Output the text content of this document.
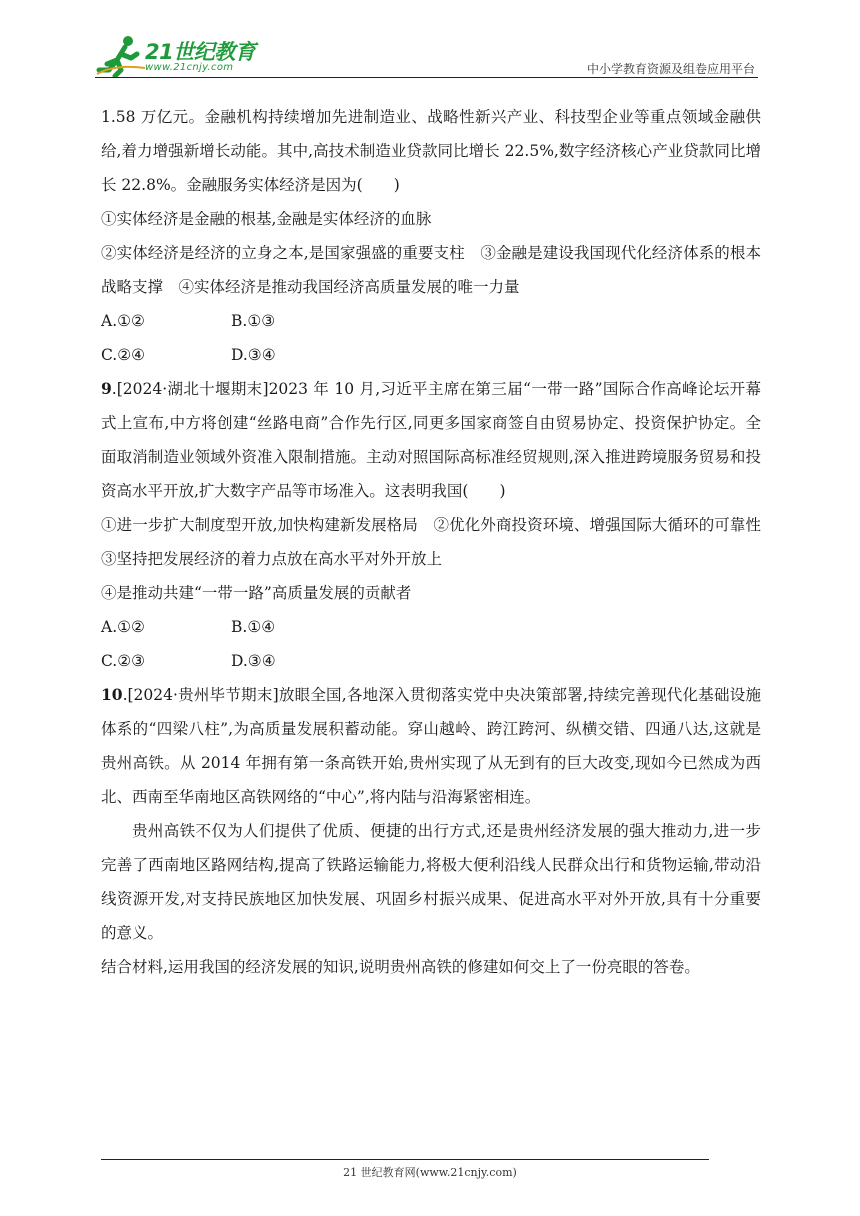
21世纪教育
www.21cnjy.com	中小学教育资源及组卷应用平台

1.58 万亿元。金融机构持续增加先进制造业、战略性新兴产业、科技型企业等重点领域金融供给,着力增强新增长动能。其中,高技术制造业贷款同比增长 22.5%,数字经济核心产业贷款同比增长 22.8%。金融服务实体经济是因为(　　)

①实体经济是金融的根基,金融是实体经济的血脉

②实体经济是经济的立身之本,是国家强盛的重要支柱　③金融是建设我国现代化经济体系的根本战略支撑　④实体经济是推动我国经济高质量发展的唯一力量

A.①②	B.①③
C.②④	D.③④

9.[2024·湖北十堰期末]2023 年 10 月,习近平主席在第三届“一带一路”国际合作高峰论坛开幕式上宣布,中方将创建“丝路电商”合作先行区,同更多国家商签自由贸易协定、投资保护协定。全面取消制造业领域外资准入限制措施。主动对照国际高标准经贸规则,深入推进跨境服务贸易和投资高水平开放,扩大数字产品等市场准入。这表明我国(　　)

①进一步扩大制度型开放,加快构建新发展格局　②优化外商投资环境、增强国际大循环的可靠性　③坚持把发展经济的着力点放在高水平对外开放上

④是推动共建“一带一路”高质量发展的贡献者

A.①②	B.①④
C.②③	D.③④

10.[2024·贵州毕节期末]放眼全国,各地深入贯彻落实党中央决策部署,持续完善现代化基础设施体系的“四梁八柱”,为高质量发展积蓄动能。穿山越岭、跨江跨河、纵横交错、四通八达,这就是贵州高铁。从 2014 年拥有第一条高铁开始,贵州实现了从无到有的巨大改变,现如今已然成为西北、西南至华南地区高铁网络的“中心”,将内陆与沿海紧密相连。

贵州高铁不仅为人们提供了优质、便捷的出行方式,还是贵州经济发展的强大推动力,进一步完善了西南地区路网结构,提高了铁路运输能力,将极大便利沿线人民群众出行和货物运输,带动沿线资源开发,对支持民族地区加快发展、巩固乡村振兴成果、促进高水平对外开放,具有十分重要的意义。

结合材料,运用我国的经济发展的知识,说明贵州高铁的修建如何交上了一份亮眼的答卷。

21 世纪教育网(www.21cnjy.com)
